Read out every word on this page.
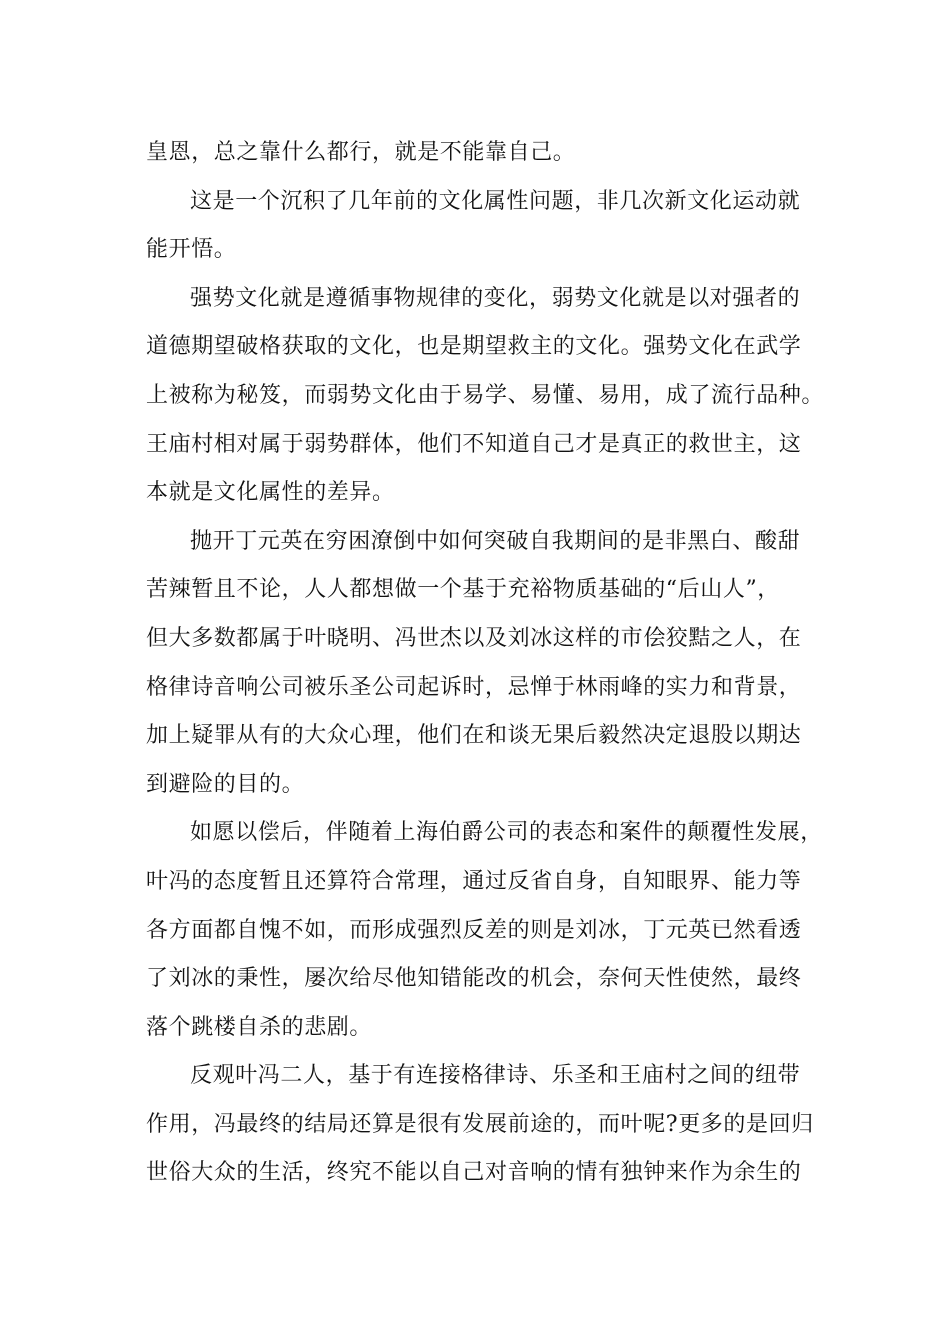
皇恩，总之靠什么都行，就是不能靠自己。
这是一个沉积了几年前的文化属性问题，非几次新文化运动就
能开悟。
强势文化就是遵循事物规律的变化，弱势文化就是以对强者的
道德期望破格获取的文化，也是期望救主的文化。强势文化在武学
上被称为秘笈，而弱势文化由于易学、易懂、易用，成了流行品种。
王庙村相对属于弱势群体，他们不知道自己才是真正的救世主，这
本就是文化属性的差异。
抛开丁元英在穷困潦倒中如何突破自我期间的是非黑白、酸甜
苦辣暂且不论，人人都想做一个基于充裕物质基础的“后山人”，
但大多数都属于叶晓明、冯世杰以及刘冰这样的市侩狡黠之人，在
格律诗音响公司被乐圣公司起诉时，忌惮于林雨峰的实力和背景，
加上疑罪从有的大众心理，他们在和谈无果后毅然决定退股以期达
到避险的目的。
如愿以偿后，伴随着上海伯爵公司的表态和案件的颠覆性发展，
叶冯的态度暂且还算符合常理，通过反省自身，自知眼界、能力等
各方面都自愧不如，而形成强烈反差的则是刘冰，丁元英已然看透
了刘冰的秉性，屡次给尽他知错能改的机会，奈何天性使然，最终
落个跳楼自杀的悲剧。
反观叶冯二人，基于有连接格律诗、乐圣和王庙村之间的纽带
作用，冯最终的结局还算是很有发展前途的，而叶呢?更多的是回归
世俗大众的生活，终究不能以自己对音响的情有独钟来作为余生的
